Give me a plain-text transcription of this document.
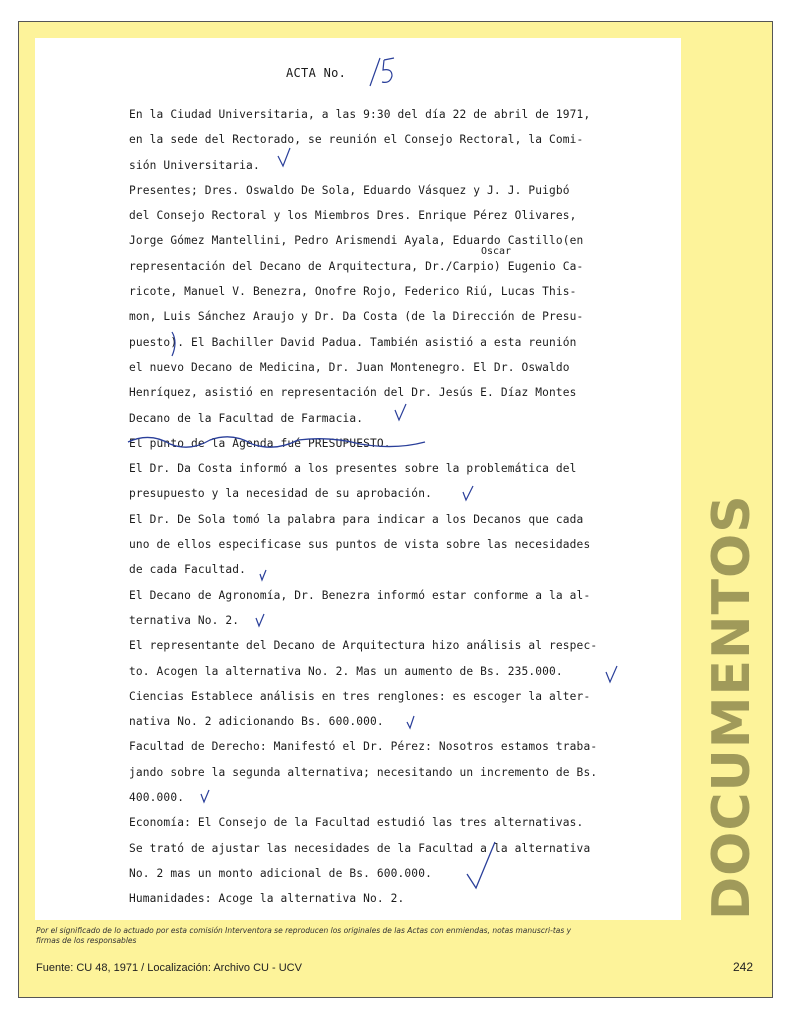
ACTA No.
Oscar
En la Ciudad Universitaria, a las 9:30 del día 22 de abril de 1971,
en la sede del Rectorado, se reunión el Consejo Rectoral, la Comi-
sión Universitaria.
Presentes; Dres. Oswaldo De Sola, Eduardo Vásquez y J. J. Puigbó
del Consejo Rectoral y los Miembros Dres. Enrique Pérez Olivares,
Jorge Gómez Mantellini, Pedro Arismendi Ayala, Eduardo Castillo(en
representación del Decano de Arquitectura, Dr./Carpio) Eugenio Ca-
ricote, Manuel V. Benezra, Onofre Rojo, Federico Riú, Lucas This-
mon, Luis Sánchez Araujo y Dr. Da Costa (de la Dirección de Presu-
puesto). El Bachiller David Padua. También asistió a esta reunión
el nuevo Decano de Medicina, Dr. Juan Montenegro. El Dr. Oswaldo
Henríquez, asistió en representación del Dr. Jesús E. Díaz Montes
Decano de la Facultad de Farmacia.
El punto de la Agenda fué PRESUPUESTO.
El Dr. Da Costa informó a los presentes sobre la problemática del
presupuesto y la necesidad de su aprobación.
El Dr. De Sola tomó la palabra para indicar a los Decanos que cada
uno de ellos especificase sus puntos de vista sobre las necesidades
de cada Facultad.
El Decano de Agronomía, Dr. Benezra informó estar conforme a la al-
ternativa No. 2.
El representante del Decano de Arquitectura hizo análisis al respec-
to. Acogen la alternativa No. 2. Mas un aumento de Bs. 235.000.
Ciencias Establece análisis en tres renglones: es escoger la alter-
nativa No. 2 adicionando Bs. 600.000.
Facultad de Derecho: Manifestó el Dr. Pérez: Nosotros estamos traba-
jando sobre la segunda alternativa; necesitando un incremento de Bs.
400.000.
Economía: El Consejo de la Facultad estudió las tres alternativas.
Se trató de ajustar las necesidades de la Facultad a la alternativa
No. 2 mas un monto adicional de Bs. 600.000.
Humanidades: Acoge la alternativa No. 2.	DOCUMENTOS
Por el significado de lo actuado por esta comisión Interventora se reproducen los originales de las Actas con enmiendas, notas manuscri-tas y firmas de los responsables
Fuente: CU 48, 1971 / Localización: Archivo CU - UCV	242
